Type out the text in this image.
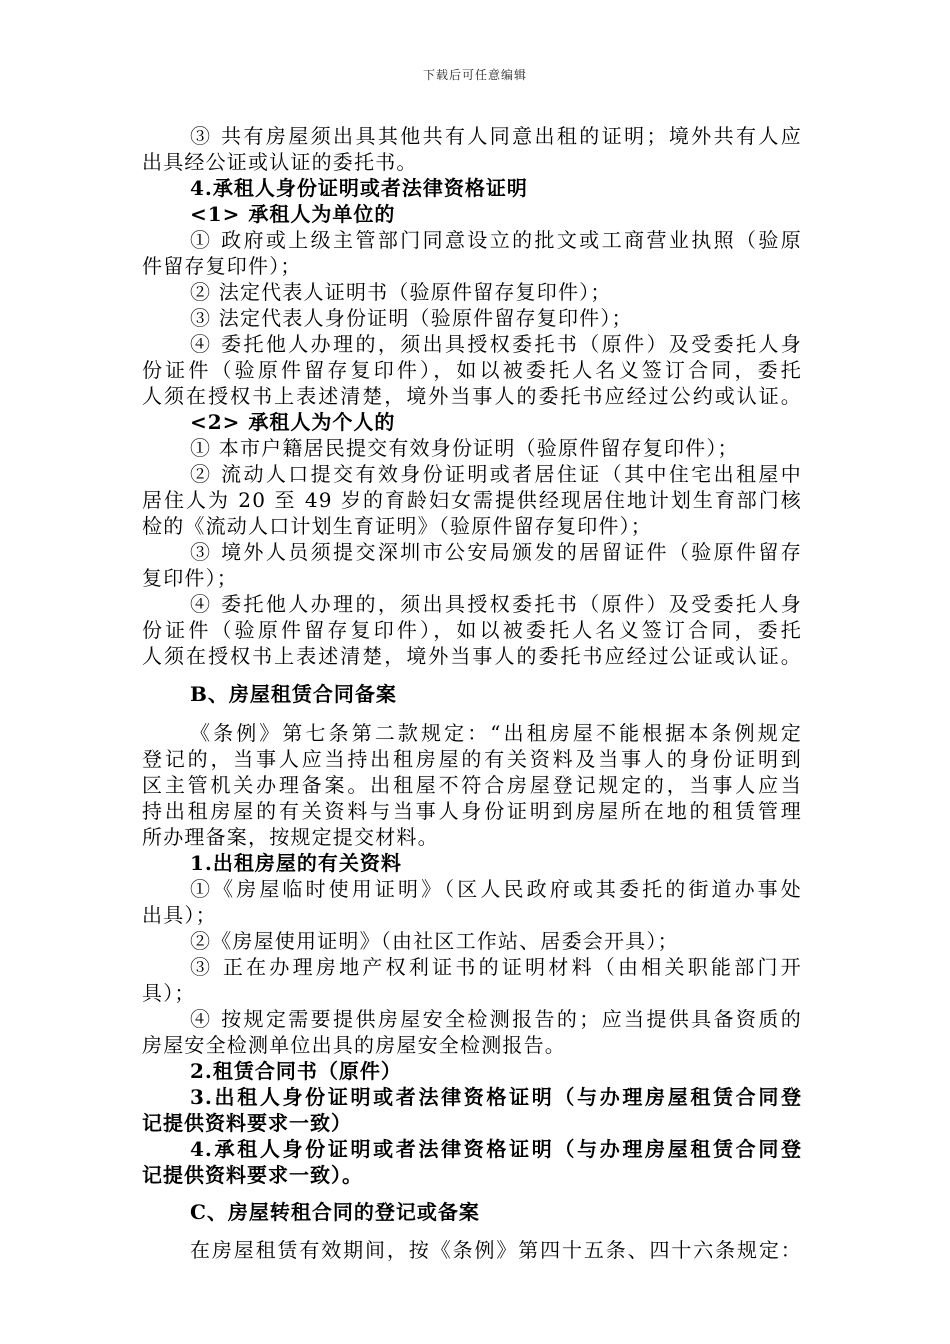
下载后可任意编辑
③ 共有房屋须出具其他共有人同意出租的证明；境外共有人应
出具经公证或认证的委托书。
4.承租人身份证明或者法律资格证明
<1> 承租人为单位的
① 政府或上级主管部门同意设立的批文或工商营业执照（验原
件留存复印件）；
② 法定代表人证明书（验原件留存复印件）；
③ 法定代表人身份证明（验原件留存复印件）；
④ 委托他人办理的，须出具授权委托书（原件）及受委托人身
份证件（验原件留存复印件），如以被委托人名义签订合同，委托
人须在授权书上表述清楚，境外当事人的委托书应经过公约或认证。
<2> 承租人为个人的
① 本市户籍居民提交有效身份证明（验原件留存复印件）；
② 流动人口提交有效身份证明或者居住证（其中住宅出租屋中
居住人为 20 至 49 岁的育龄妇女需提供经现居住地计划生育部门核
检的《流动人口计划生育证明》（验原件留存复印件）；
③ 境外人员须提交深圳市公安局颁发的居留证件（验原件留存
复印件）；
④ 委托他人办理的，须出具授权委托书（原件）及受委托人身
份证件（验原件留存复印件），如以被委托人名义签订合同，委托
人须在授权书上表述清楚，境外当事人的委托书应经过公证或认证。
B、房屋租赁合同备案
《条例》第七条第二款规定：“出租房屋不能根据本条例规定
登记的，当事人应当持出租房屋的有关资料及当事人的身份证明到
区主管机关办理备案。出租屋不符合房屋登记规定的，当事人应当
持出租房屋的有关资料与当事人身份证明到房屋所在地的租赁管理
所办理备案，按规定提交材料。
1.出租房屋的有关资料
①《房屋临时使用证明》（区人民政府或其委托的街道办事处
出具）；
②《房屋使用证明》（由社区工作站、居委会开具）；
③ 正在办理房地产权利证书的证明材料（由相关职能部门开
具）；
④ 按规定需要提供房屋安全检测报告的；应当提供具备资质的
房屋安全检测单位出具的房屋安全检测报告。
2.租赁合同书（原件）
3.出租人身份证明或者法律资格证明（与办理房屋租赁合同登
记提供资料要求一致）
4.承租人身份证明或者法律资格证明（与办理房屋租赁合同登
记提供资料要求一致）。
C、房屋转租合同的登记或备案
在房屋租赁有效期间，按《条例》第四十五条、四十六条规定：
